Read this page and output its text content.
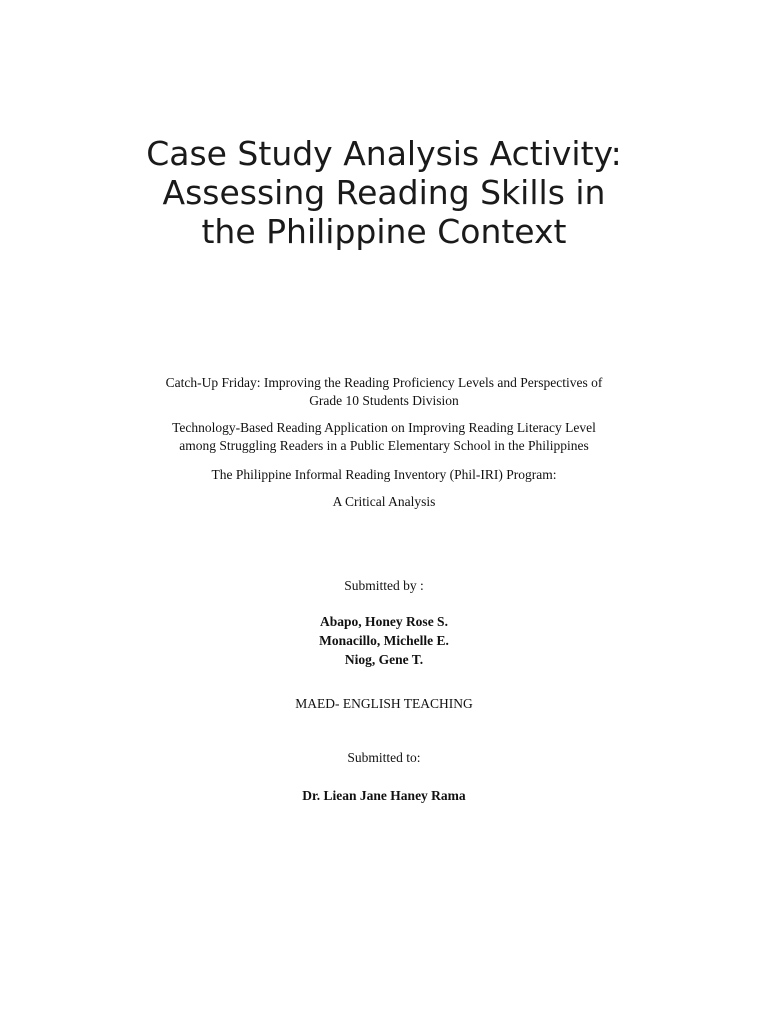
Case Study Analysis Activity: Assessing Reading Skills in the Philippine Context
Catch-Up Friday: Improving the Reading Proficiency Levels and Perspectives of
Grade 10 Students Division
Technology-Based Reading Application on Improving Reading Literacy Level
among Struggling Readers in a Public Elementary School in the Philippines
The Philippine Informal Reading Inventory (Phil-IRI) Program:
A Critical Analysis
Submitted by :
Abapo, Honey Rose S.
Monacillo, Michelle E.
Niog, Gene T.
MAED- ENGLISH TEACHING
Submitted to:
Dr. Liean Jane Haney Rama
